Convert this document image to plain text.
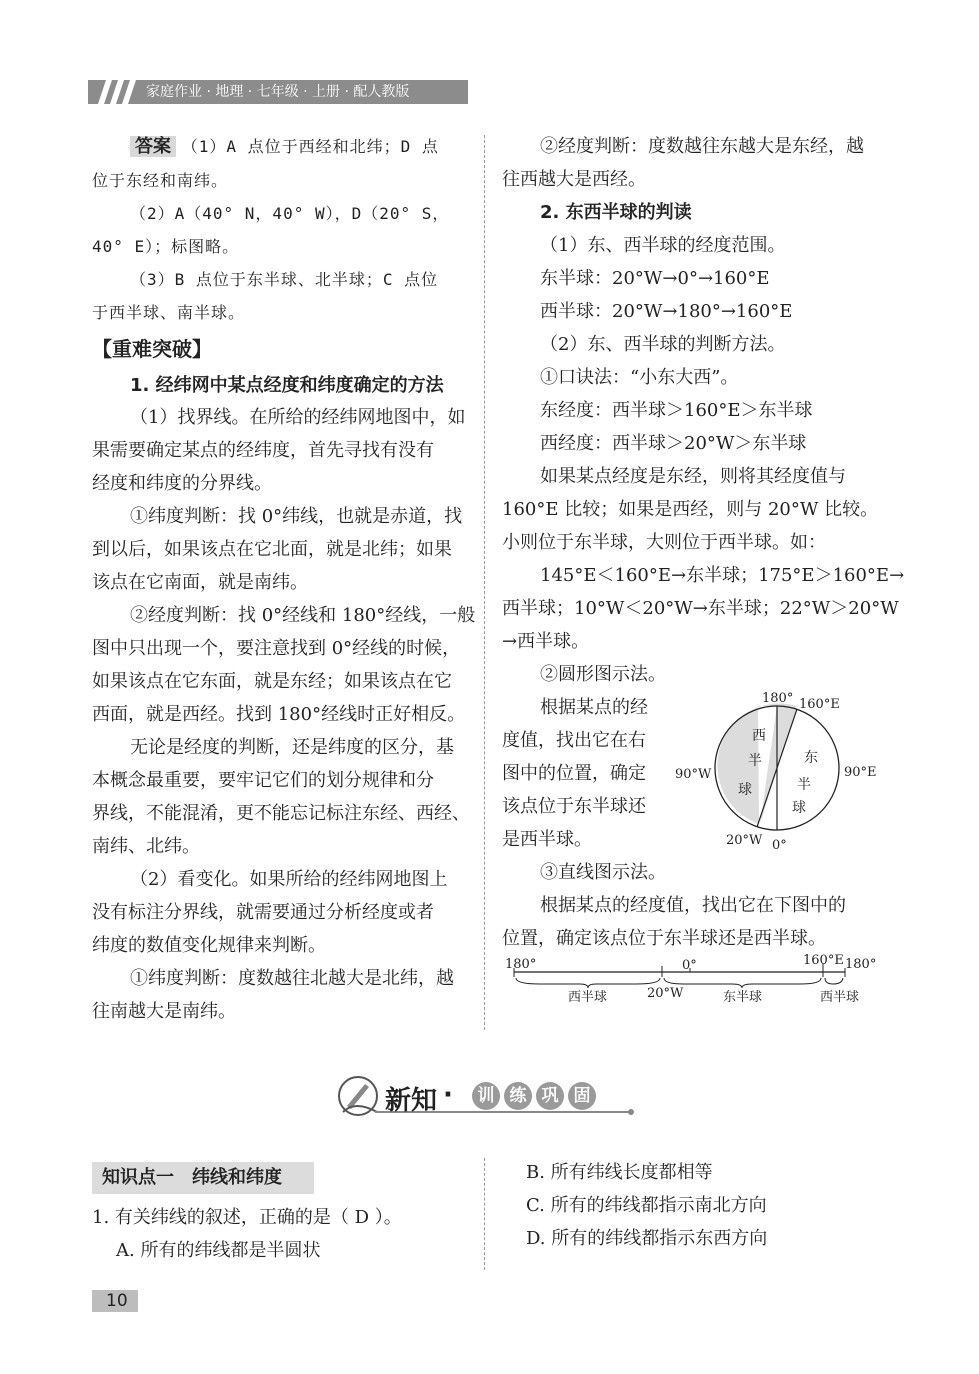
家庭作业 · 地理 · 七年级 · 上册 · 配人教版
答案 （1）A 点位于西经和北纬；D 点
位于东经和南纬。
（2）A（40° N，40° W），D（20° S，
40° E）；标图略。
（3）B 点位于东半球、北半球；C 点位
于西半球、南半球。
【重难突破】
1. 经纬网中某点经度和纬度确定的方法
（1）找界线。在所给的经纬网地图中，如
果需要确定某点的经纬度，首先寻找有没有
经度和纬度的分界线。
①纬度判断：找 0°纬线，也就是赤道，找
到以后，如果该点在它北面，就是北纬；如果
该点在它南面，就是南纬。
②经度判断：找 0°经线和 180°经线，一般
图中只出现一个，要注意找到 0°经线的时候，
如果该点在它东面，就是东经；如果该点在它
西面，就是西经。找到 180°经线时正好相反。
无论是经度的判断，还是纬度的区分，基
本概念最重要，要牢记它们的划分规律和分
界线，不能混淆，更不能忘记标注东经、西经、
南纬、北纬。
（2）看变化。如果所给的经纬网地图上
没有标注分界线，就需要通过分析经度或者
纬度的数值变化规律来判断。
①纬度判断：度数越往北越大是北纬，越
往南越大是南纬。
②经度判断：度数越往东越大是东经，越
往西越大是西经。
2. 东西半球的判读
（1）东、西半球的经度范围。
东半球：20°W→0°→160°E
西半球：20°W→180°→160°E
（2）东、西半球的判断方法。
①口诀法：“小东大西”。
东经度：西半球＞160°E＞东半球
西经度：西半球＞20°W＞东半球
如果某点经度是东经，则将其经度值与
160°E 比较；如果是西经，则与 20°W 比较。
小则位于东半球，大则位于西半球。如：
145°E＜160°E→东半球；175°E＞160°E→
西半球；10°W＜20°W→东半球；22°W＞20°W
→西半球。
②圆形图示法。
根据某点的经
度值，找出它在右
图中的位置，确定
该点位于东半球还
是西半球。
③直线图示法。
根据某点的经度值，找出它在下图中的
位置，确定该点位于东半球还是西半球。
180° 160°E
90°W	90°E
20°W 0°
西
半
球
东
半
球
180°	0°	160°E 180°
20°W
西半球	东半球	西半球
新知 ·	训 练 巩 固
知识点一　纬线和纬度
1. 有关纬线的叙述，正确的是（ D ）。
A. 所有的纬线都是半圆状
B. 所有纬线长度都相等
C. 所有的纬线都指示南北方向
D. 所有的纬线都指示东西方向
10
